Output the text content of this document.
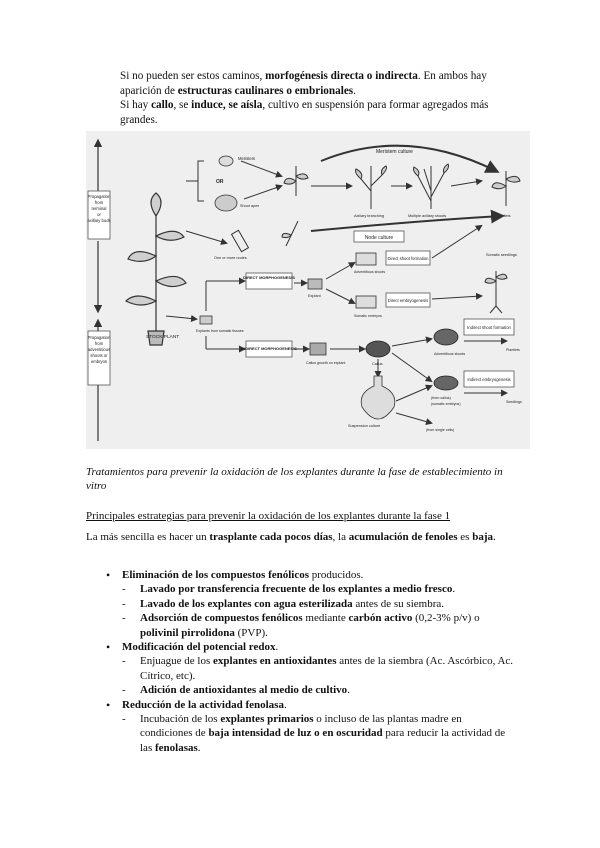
Si no pueden ser estos caminos, morfogénesis directa o indirecta. En ambos hay aparición de estructuras caulinares o embrionales.

Si hay callo, se induce, se aísla, cultivo en suspensión para formar agregados más grandes.

Propagation from terminal or axillary buds
Propagation from adventitious shoots or embryos
STOCK PLANT
Meristem
OR
Shoot apex
Meristem culture
Axillary branching	Multiple axillary shoots	Plantlets
Node culture
One or more nodes
DIRECT MORPHOGENESIS
Explant
Adventitious shoots
Direct shoot formation
Somatic embryos
Direct embryogenesis
Somatic seedlings
Explants from somatic tissues
INDIRECT MORPHOGENESIS
Callus growth on explant	Callus
Adventitious shoots
Indirect shoot formation
Plantlets
Suspension culture
(from callus)
(somatic embryos)
Indirect embryogenesis
Seedlings
(from single cells)

Tratamientos para prevenir la oxidación de los explantes durante la fase de establecimiento in vitro

Principales estrategias para prevenir la oxidación de los explantes durante la fase 1

La más sencilla es hacer un trasplante cada pocos días, la acumulación de fenoles es baja.

• Eliminación de los compuestos fenólicos producidos.
- Lavado por transferencia frecuente de los explantes a medio fresco.
- Lavado de los explantes con agua esterilizada antes de su siembra.
- Adsorción de compuestos fenólicos mediante carbón activo (0,2-3% p/v) o polivinil pirrolidona (PVP).
• Modificación del potencial redox.
- Enjuague de los explantes en antioxidantes antes de la siembra (Ac. Ascórbico, Ac. Cítrico, etc).
- Adición de antioxidantes al medio de cultivo.
• Reducción de la actividad fenolasa.
- Incubación de los explantes primarios o incluso de las plantas madre en condiciones de baja intensidad de luz o en oscuridad para reducir la actividad de las fenolasas.
